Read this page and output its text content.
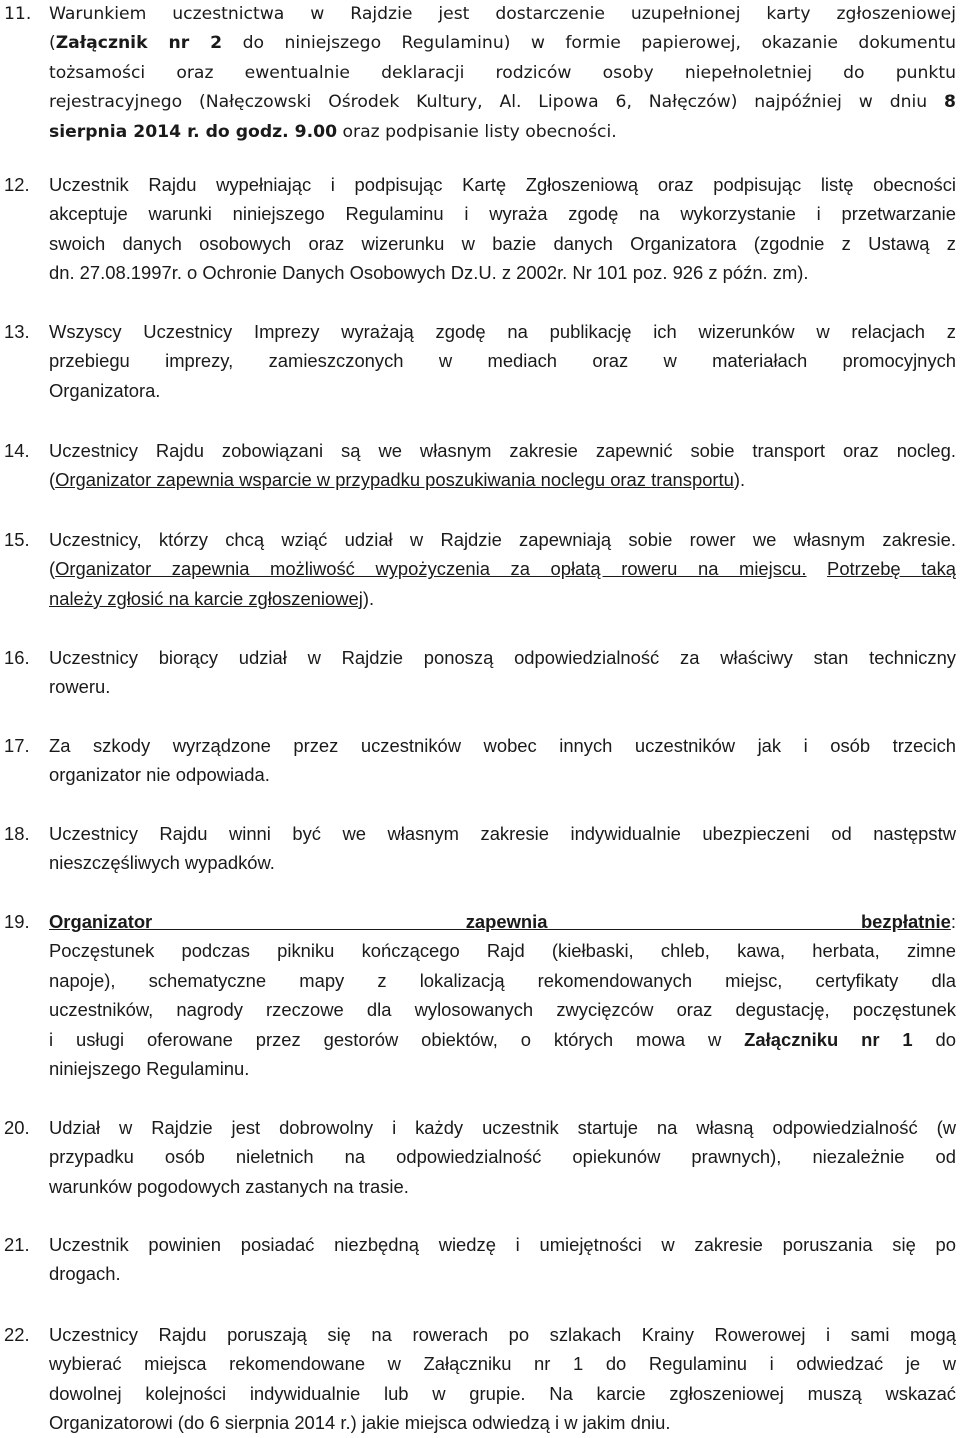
11.	Warunkiem uczestnictwa w Rajdzie jest dostarczenie uzupełnionej karty zgłoszeniowej
(Załącznik nr 2 do niniejszego Regulaminu) w formie papierowej, okazanie dokumentu
tożsamości oraz ewentualnie deklaracji rodziców osoby niepełnoletniej do punktu
rejestracyjnego (Nałęczowski Ośrodek Kultury, Al. Lipowa 6, Nałęczów) najpóźniej w dniu 8
sierpnia 2014 r. do godz. 9.00 oraz podpisanie listy obecności.
12.	Uczestnik Rajdu wypełniając i podpisując Kartę Zgłoszeniową oraz podpisując listę obecności
akceptuje warunki niniejszego Regulaminu i wyraża zgodę na wykorzystanie i przetwarzanie
swoich danych osobowych oraz wizerunku w bazie danych Organizatora (zgodnie z Ustawą z
dn. 27.08.1997r. o Ochronie Danych Osobowych Dz.U. z 2002r. Nr 101 poz. 926 z późn. zm).
13.	Wszyscy Uczestnicy Imprezy wyrażają zgodę na publikację ich wizerunków w relacjach z
przebiegu imprezy, zamieszczonych w mediach oraz w materiałach promocyjnych
Organizatora.
14.	Uczestnicy Rajdu zobowiązani są we własnym zakresie zapewnić sobie transport oraz nocleg.
(Organizator zapewnia wsparcie w przypadku poszukiwania noclegu oraz transportu).
15.	Uczestnicy, którzy chcą wziąć udział w Rajdzie zapewniają sobie rower we własnym zakresie.
(Organizator zapewnia możliwość wypożyczenia za opłatą roweru na miejscu. Potrzebę taką
należy zgłosić na karcie zgłoszeniowej).
16.	Uczestnicy biorący udział w Rajdzie ponoszą odpowiedzialność za właściwy stan techniczny
roweru.
17.	Za szkody wyrządzone przez uczestników wobec innych uczestników jak i osób trzecich
organizator nie odpowiada.
18.	Uczestnicy Rajdu winni być we własnym zakresie indywidualnie ubezpieczeni od następstw
nieszczęśliwych wypadków.
19.	Organizator zapewnia bezpłatnie:
Poczęstunek podczas pikniku kończącego Rajd (kiełbaski, chleb, kawa, herbata, zimne
napoje), schematyczne mapy z lokalizacją rekomendowanych miejsc, certyfikaty dla
uczestników, nagrody rzeczowe dla wylosowanych zwycięzców oraz degustację, poczęstunek
i usługi oferowane przez gestorów obiektów, o których mowa w Załączniku nr 1 do
niniejszego Regulaminu.
20.	Udział w Rajdzie jest dobrowolny i każdy uczestnik startuje na własną odpowiedzialność (w
przypadku osób nieletnich na odpowiedzialność opiekunów prawnych), niezależnie od
warunków pogodowych zastanych na trasie.
21.	Uczestnik powinien posiadać niezbędną wiedzę i umiejętności w zakresie poruszania się po
drogach.
22.	Uczestnicy Rajdu poruszają się na rowerach po szlakach Krainy Rowerowej i sami mogą
wybierać miejsca rekomendowane w Załączniku nr 1 do Regulaminu i odwiedzać je w
dowolnej kolejności indywidualnie lub w grupie. Na karcie zgłoszeniowej muszą wskazać
Organizatorowi (do 6 sierpnia 2014 r.) jakie miejsca odwiedzą i w jakim dniu.
